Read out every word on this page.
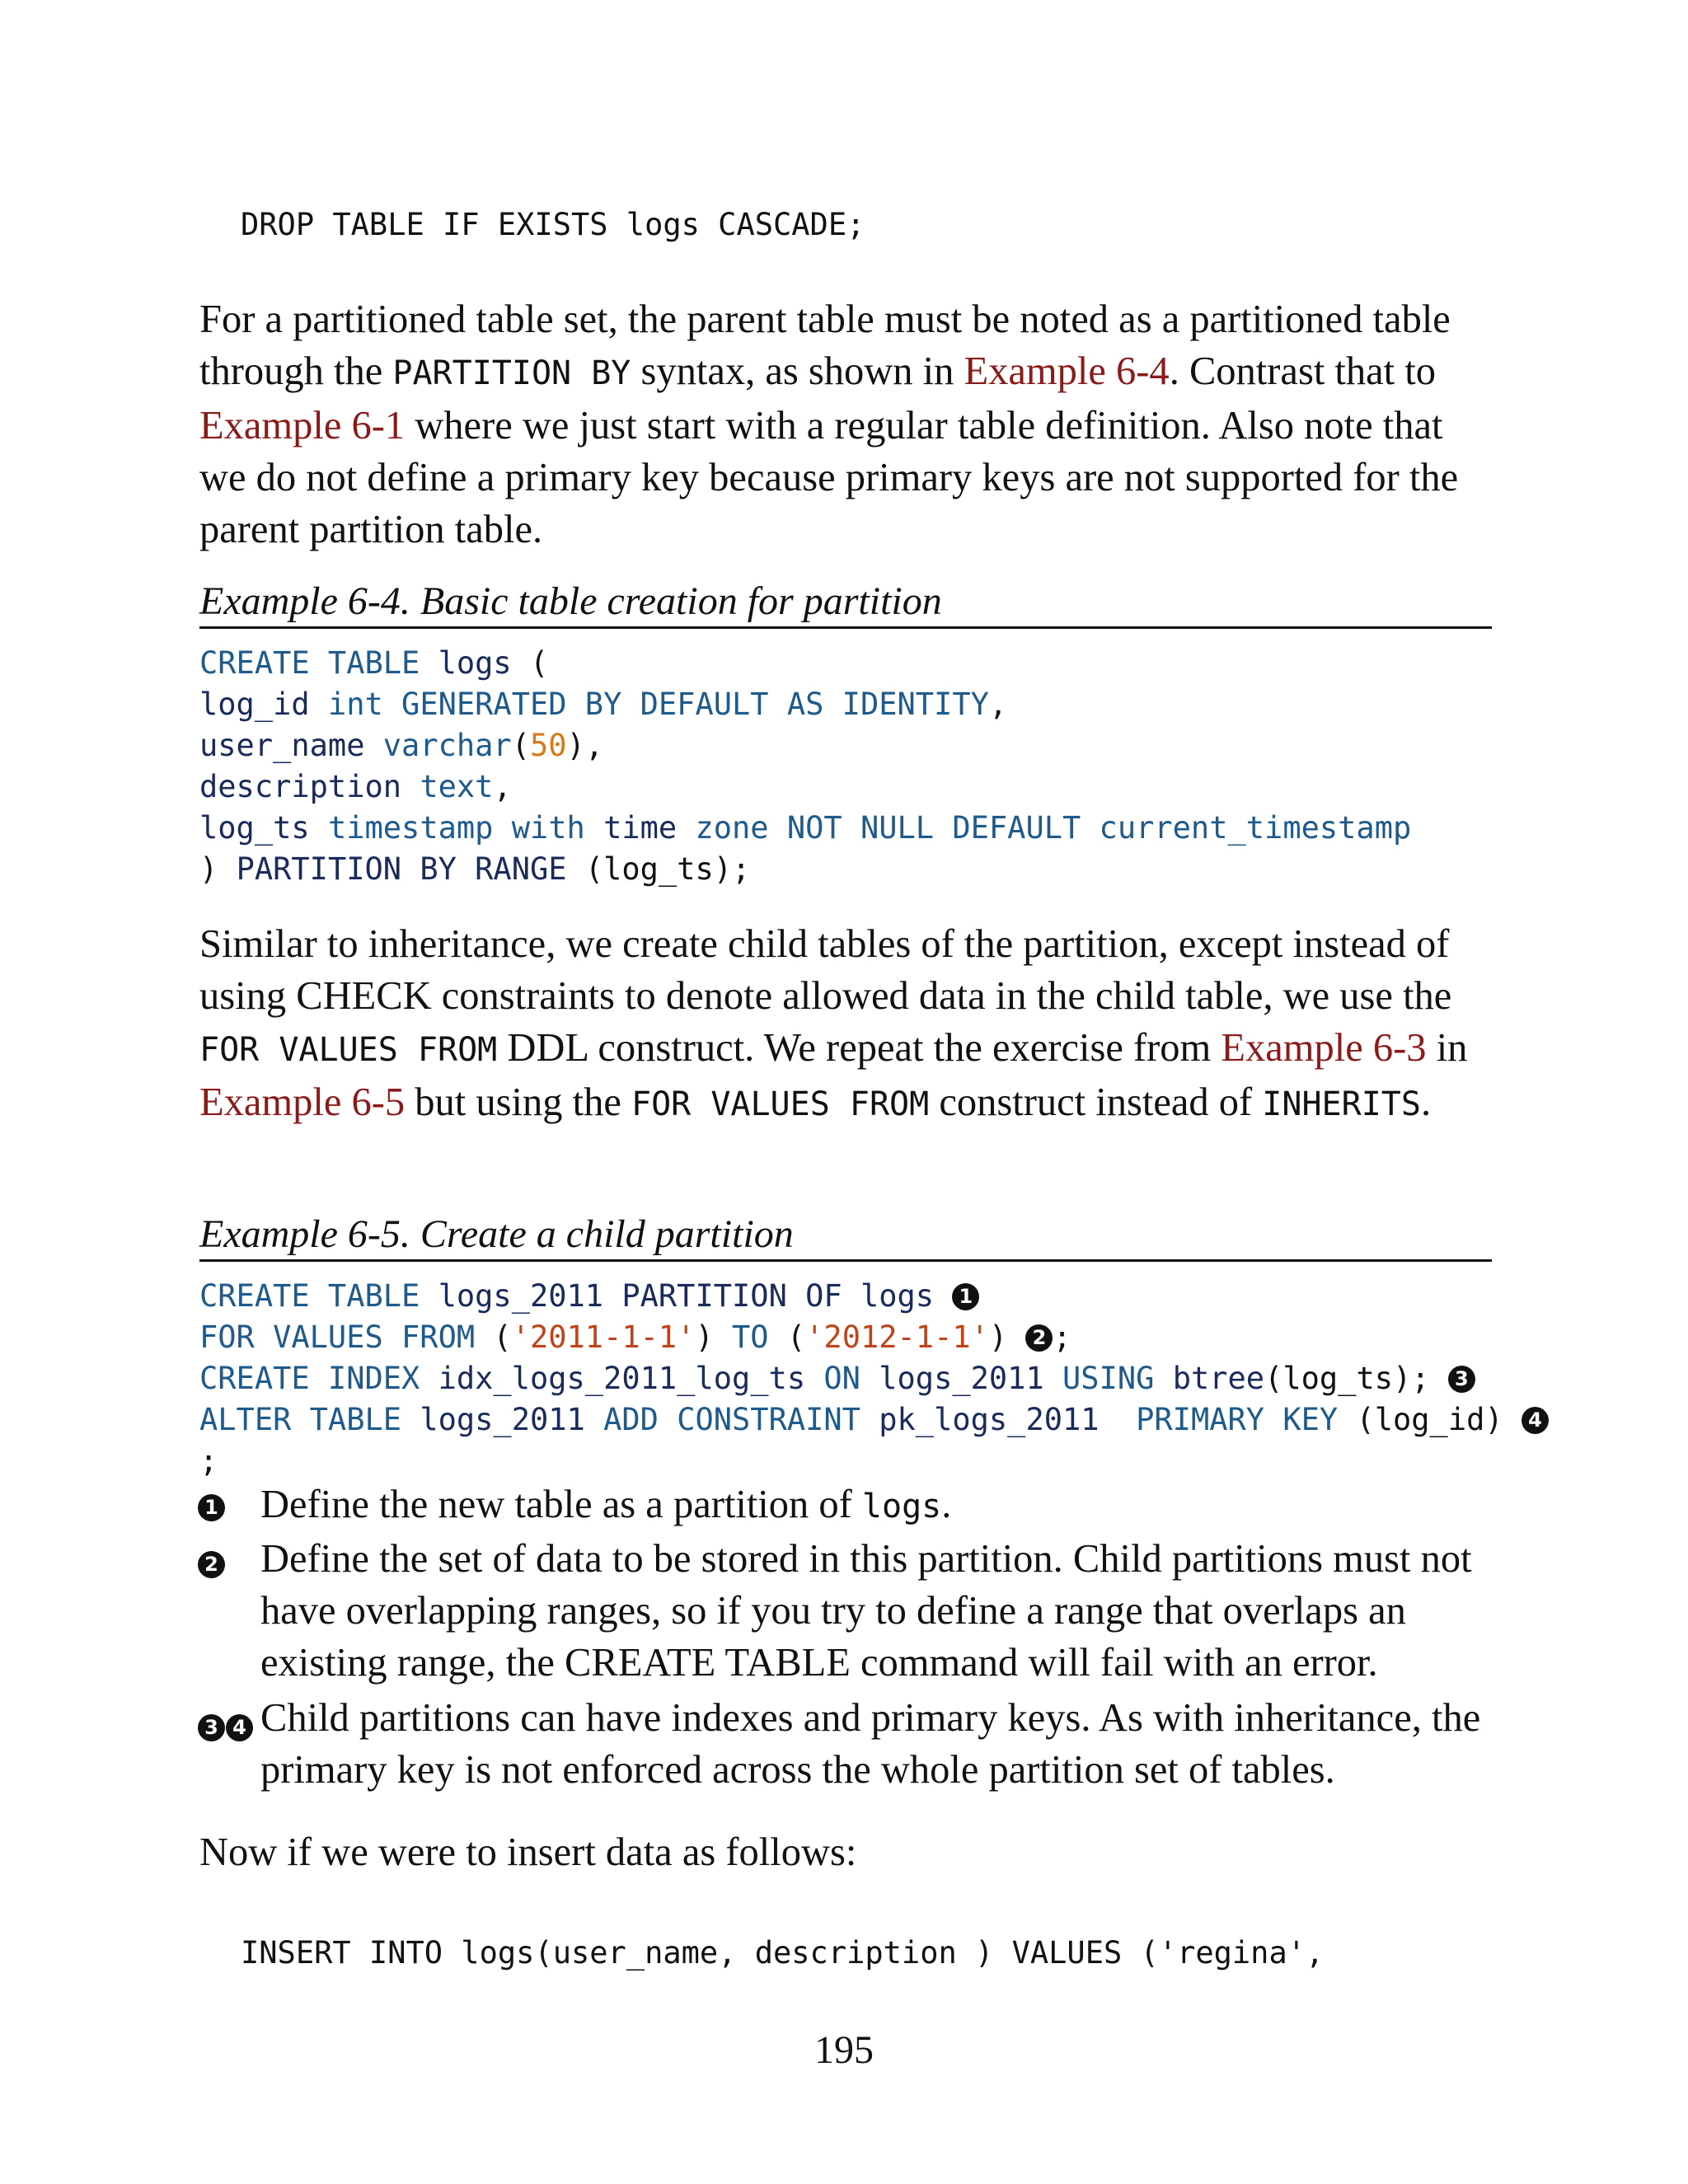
DROP TABLE IF EXISTS logs CASCADE;
For a partitioned table set, the parent table must be noted as a partitioned table through the PARTITION BY syntax, as shown in Example 6-4. Contrast that to Example 6-1 where we just start with a regular table definition. Also note that we do not define a primary key because primary keys are not supported for the parent partition table.
Example 6-4. Basic table creation for partition
CREATE TABLE logs (
log_id int GENERATED BY DEFAULT AS IDENTITY,
user_name varchar(50),
description text,
log_ts timestamp with time zone NOT NULL DEFAULT current_timestamp
) PARTITION BY RANGE (log_ts);
Similar to inheritance, we create child tables of the partition, except instead of using CHECK constraints to denote allowed data in the child table, we use the FOR VALUES FROM DDL construct. We repeat the exercise from Example 6-3 in Example 6-5 but using the FOR VALUES FROM construct instead of INHERITS.
Example 6-5. Create a child partition
CREATE TABLE logs_2011 PARTITION OF logs 1
FOR VALUES FROM ('2011-1-1') TO ('2012-1-1') 2 ;
CREATE INDEX idx_logs_2011_log_ts ON logs_2011 USING btree(log_ts); 3
ALTER TABLE logs_2011 ADD CONSTRAINT pk_logs_2011 PRIMARY KEY (log_id) 4
;
1 Define the new table as a partition of logs.
2 Define the set of data to be stored in this partition. Child partitions must not have overlapping ranges, so if you try to define a range that overlaps an existing range, the CREATE TABLE command will fail with an error.
3 4 Child partitions can have indexes and primary keys. As with inheritance, the primary key is not enforced across the whole partition set of tables.
Now if we were to insert data as follows:
INSERT INTO logs(user_name, description ) VALUES ('regina',
195
